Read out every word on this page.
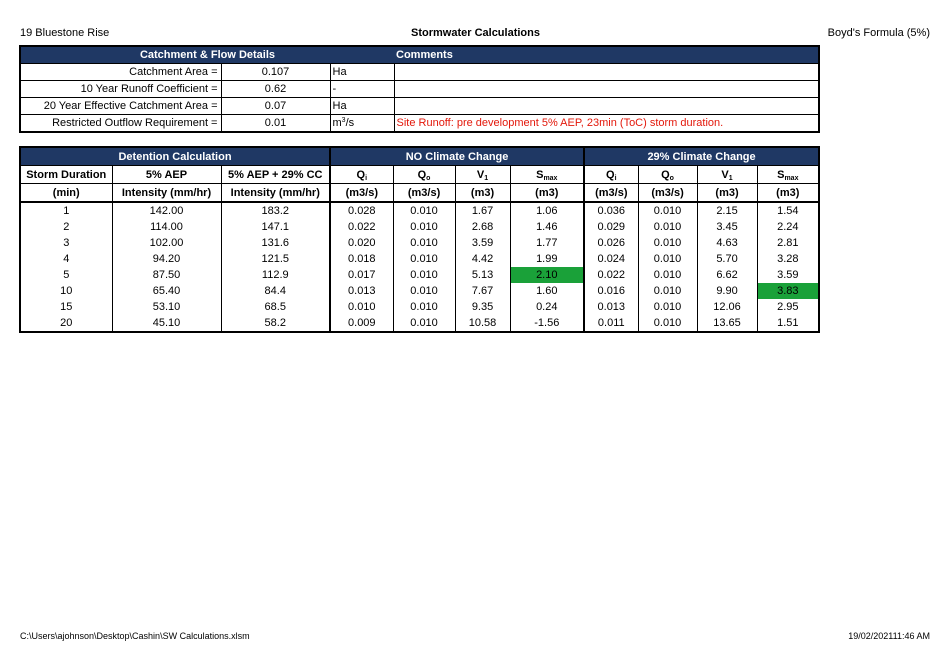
19 Bluestone Rise	Stormwater Calculations	Boyd's Formula (5%)
Catchment & Flow Details			Comments
Catchment Area =	0.107	Ha	
10 Year Runoff Coefficient =	0.62	-	
20 Year Effective Catchment Area =	0.07	Ha	
Restricted Outflow Requirement =	0.01	$m^3/s$	Site Runoff: pre development 5% AEP, 23min (ToC) storm duration.
Detention Calculation			NO Climate Change				29% Climate Change			
Storm Duration	5% AEP	5% AEP + 29% CC	$Q_i$	$Q_o$	$V_1$	$S_{max}$	$Q_i$	$Q_o$	$V_1$	$S_{max}$
(min)	Intensity (mm/hr)	Intensity (mm/hr)	(m3/s)	(m3/s)	(m3)	(m3)	(m3/s)	(m3/s)	(m3)	(m3)
1	142.00	183.2	0.028	0.010	1.67	1.06	0.036	0.010	2.15	1.54
2	114.00	147.1	0.022	0.010	2.68	1.46	0.029	0.010	3.45	2.24
3	102.00	131.6	0.020	0.010	3.59	1.77	0.026	0.010	4.63	2.81
4	94.20	121.5	0.018	0.010	4.42	1.99	0.024	0.010	5.70	3.28
5	87.50	112.9	0.017	0.010	5.13	2.10	0.022	0.010	6.62	3.59
10	65.40	84.4	0.013	0.010	7.67	1.60	0.016	0.010	9.90	3.83
15	53.10	68.5	0.010	0.010	9.35	0.24	0.013	0.010	12.06	2.95
20	45.10	58.2	0.009	0.010	10.58	-1.56	0.011	0.010	13.65	1.51
C:\Users\ajohnson\Desktop\Cashin\SW Calculations.xlsm	19/02/202111:46 AM
